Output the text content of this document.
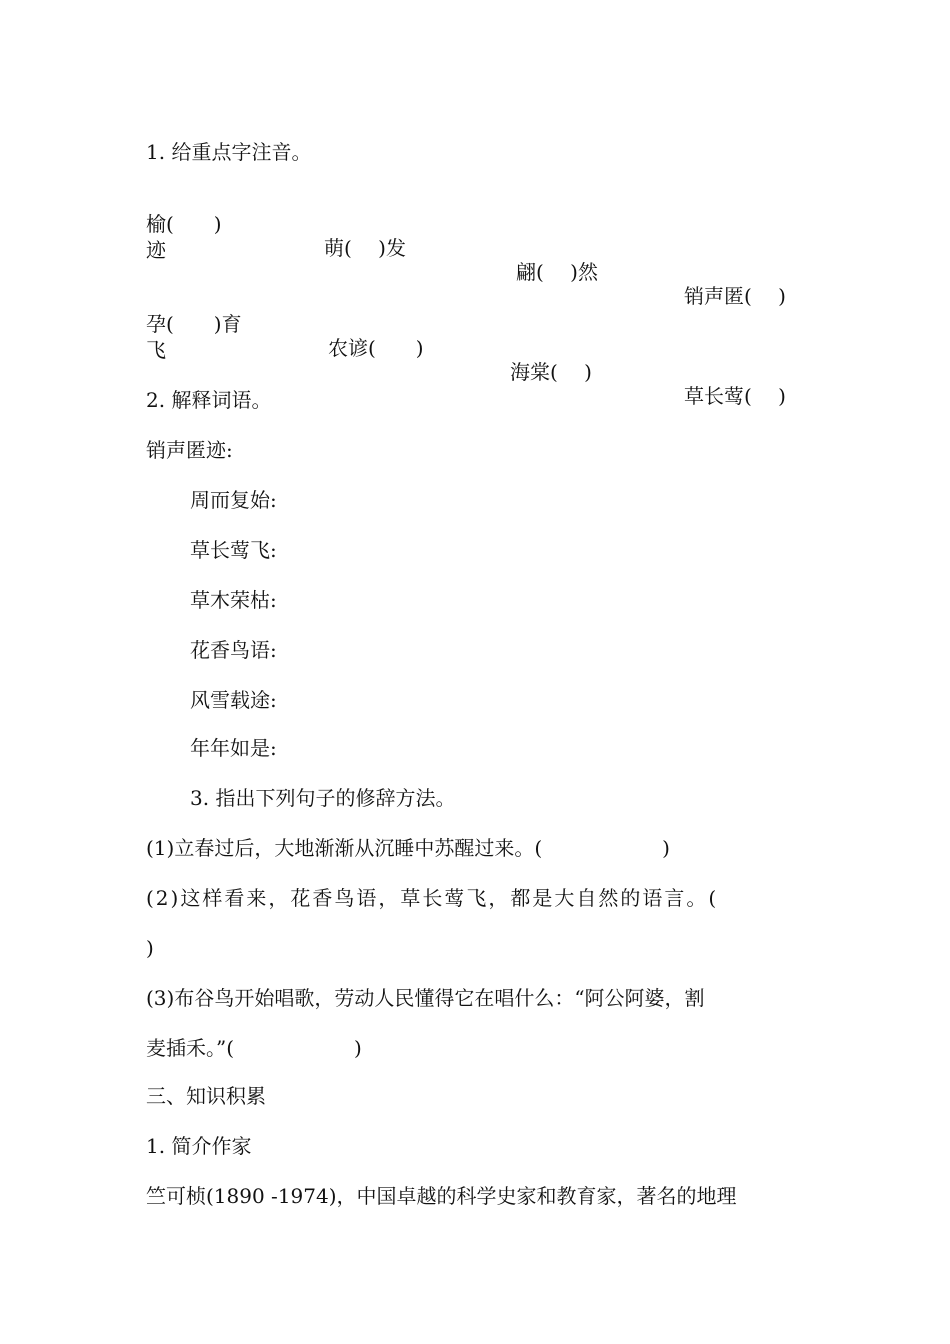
1. 给重点字注音。

榆(　　)

萌(　 )发

翩(　 )然

销声匿(　 )

迹

孕(　　)育

农谚(　　)

海棠(　 )

草长莺(　 )

飞
2. 解释词语。
销声匿迹:
周而复始:
草长莺飞:
草木荣枯:
花香鸟语:
风雪载途:
年年如是:
3. 指出下列句子的修辞方法。
(1)立春过后，大地渐渐从沉睡中苏醒过来。(　　　　　　)
(2)这样看来，花香鸟语，草长莺飞，都是大自然的语言。(
)
(3)布谷鸟开始唱歌，劳动人民懂得它在唱什么：“阿公阿婆，割
麦插禾。”(　　　　　　)
三、知识积累
1. 简介作家
竺可桢(1890 -1974)，中国卓越的科学史家和教育家，著名的地理
